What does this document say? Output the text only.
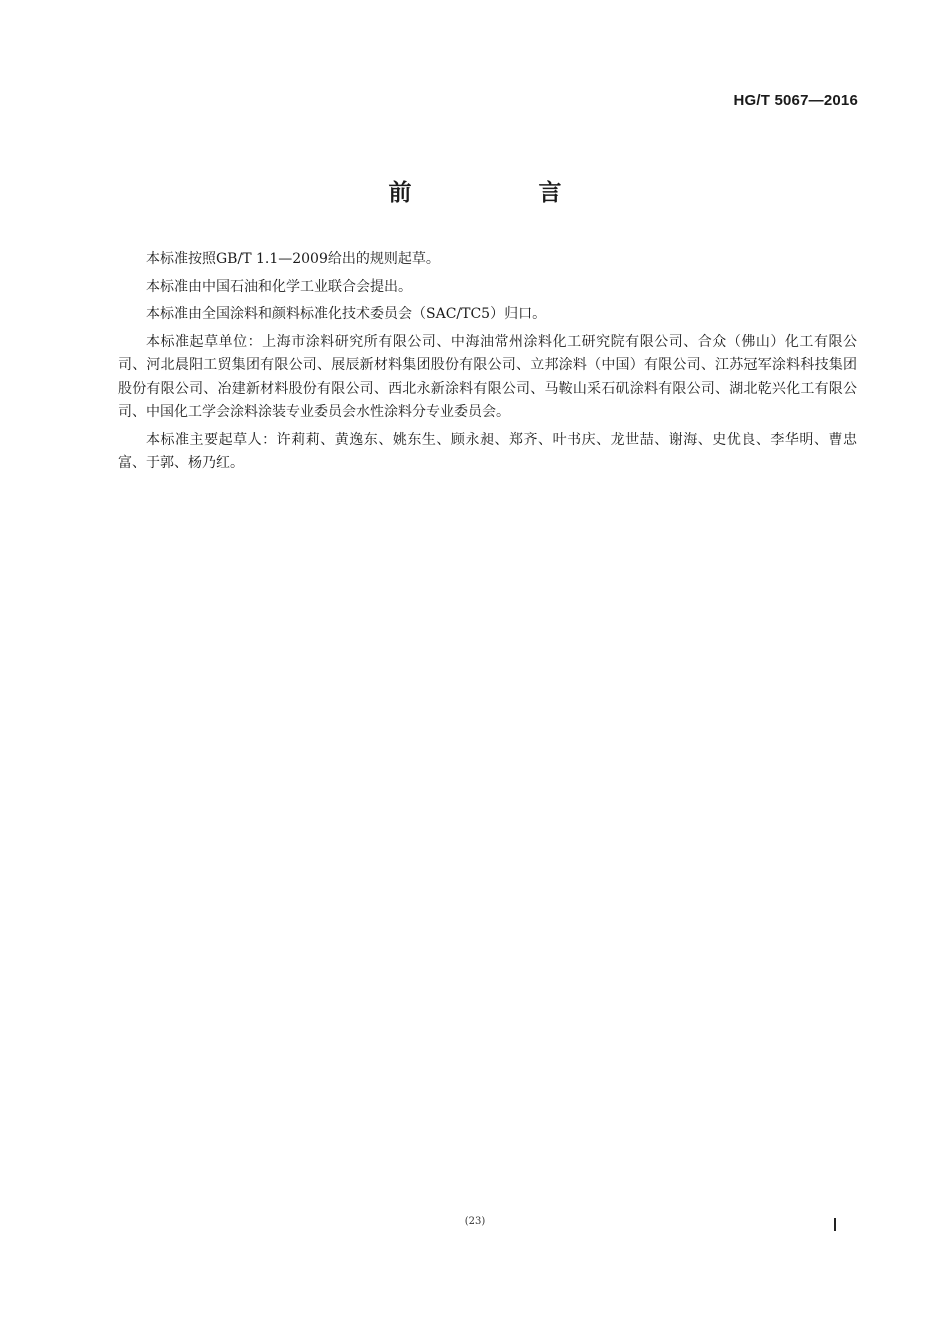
HG/T 5067—2016
前　言

本标准按照GB/T 1.1—2009给出的规则起草。

本标准由中国石油和化学工业联合会提出。

本标准由全国涂料和颜料标准化技术委员会（SAC/TC5）归口。

本标准起草单位：上海市涂料研究所有限公司、中海油常州涂料化工研究院有限公司、合众（佛山）化工有限公司、河北晨阳工贸集团有限公司、展辰新材料集团股份有限公司、立邦涂料（中国）有限公司、江苏冠军涂料科技集团股份有限公司、冶建新材料股份有限公司、西北永新涂料有限公司、马鞍山采石矶涂料有限公司、湖北乾兴化工有限公司、中国化工学会涂料涂装专业委员会水性涂料分专业委员会。

本标准主要起草人：许莉莉、黄逸东、姚东生、顾永昶、郑齐、叶书庆、龙世喆、谢海、史优良、李华明、曹忠富、于郭、杨乃红。

(23)
